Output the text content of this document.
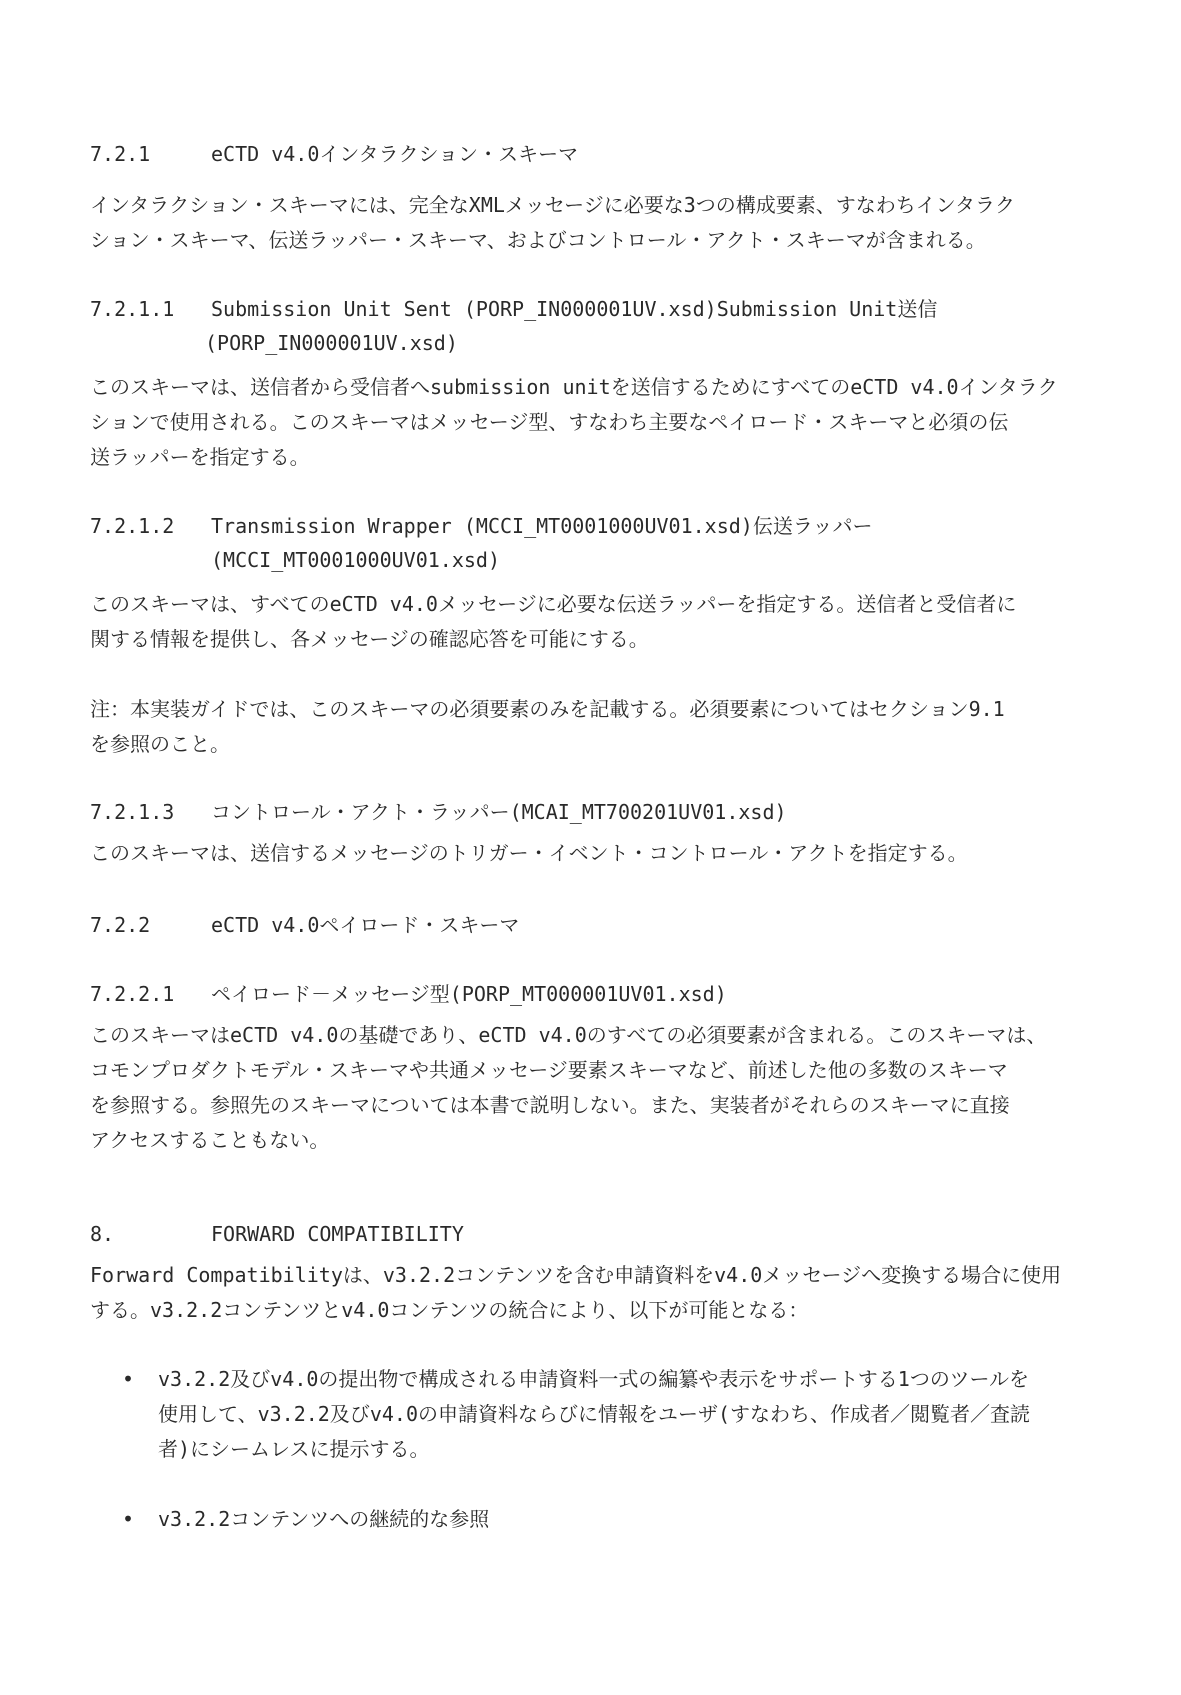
7.2.1	eCTD v4.0インタラクション・スキーマ
インタラクション・スキーマには、完全なXMLメッセージに必要な3つの構成要素、すなわちインタラク
ション・スキーマ、伝送ラッパー・スキーマ、およびコントロール・アクト・スキーマが含まれる。
7.2.1.1 Submission Unit Sent (PORP_IN000001UV.xsd)Submission Unit送信
(PORP_IN000001UV.xsd)
このスキーマは、送信者から受信者へsubmission unitを送信するためにすべてのeCTD v4.0インタラク
ションで使用される。このスキーマはメッセージ型、すなわち主要なペイロード・スキーマと必須の伝
送ラッパーを指定する。
7.2.1.2 Transmission Wrapper (MCCI_MT0001000UV01.xsd)伝送ラッパー
(MCCI_MT0001000UV01.xsd)
このスキーマは、すべてのeCTD v4.0メッセージに必要な伝送ラッパーを指定する。送信者と受信者に
関する情報を提供し、各メッセージの確認応答を可能にする。
注：本実装ガイドでは、このスキーマの必須要素のみを記載する。必須要素についてはセクション9.1
を参照のこと。
7.2.1.3 コントロール・アクト・ラッパー(MCAI_MT700201UV01.xsd)
このスキーマは、送信するメッセージのトリガー・イベント・コントロール・アクトを指定する。
7.2.2	eCTD v4.0ペイロード・スキーマ
7.2.2.1 ペイロード－メッセージ型(PORP_MT000001UV01.xsd)
このスキーマはeCTD v4.0の基礎であり、eCTD v4.0のすべての必須要素が含まれる。このスキーマは、
コモンプロダクトモデル・スキーマや共通メッセージ要素スキーマなど、前述した他の多数のスキーマ
を参照する。参照先のスキーマについては本書で説明しない。また、実装者がそれらのスキーマに直接
アクセスすることもない。
8.	FORWARD COMPATIBILITY
Forward Compatibilityは、v3.2.2コンテンツを含む申請資料をv4.0メッセージへ変換する場合に使用
する。v3.2.2コンテンツとv4.0コンテンツの統合により、以下が可能となる：
•	v3.2.2及びv4.0の提出物で構成される申請資料一式の編纂や表示をサポートする1つのツールを
使用して、v3.2.2及びv4.0の申請資料ならびに情報をユーザ(すなわち、作成者／閲覧者／査読
者)にシームレスに提示する。
•	v3.2.2コンテンツへの継続的な参照
